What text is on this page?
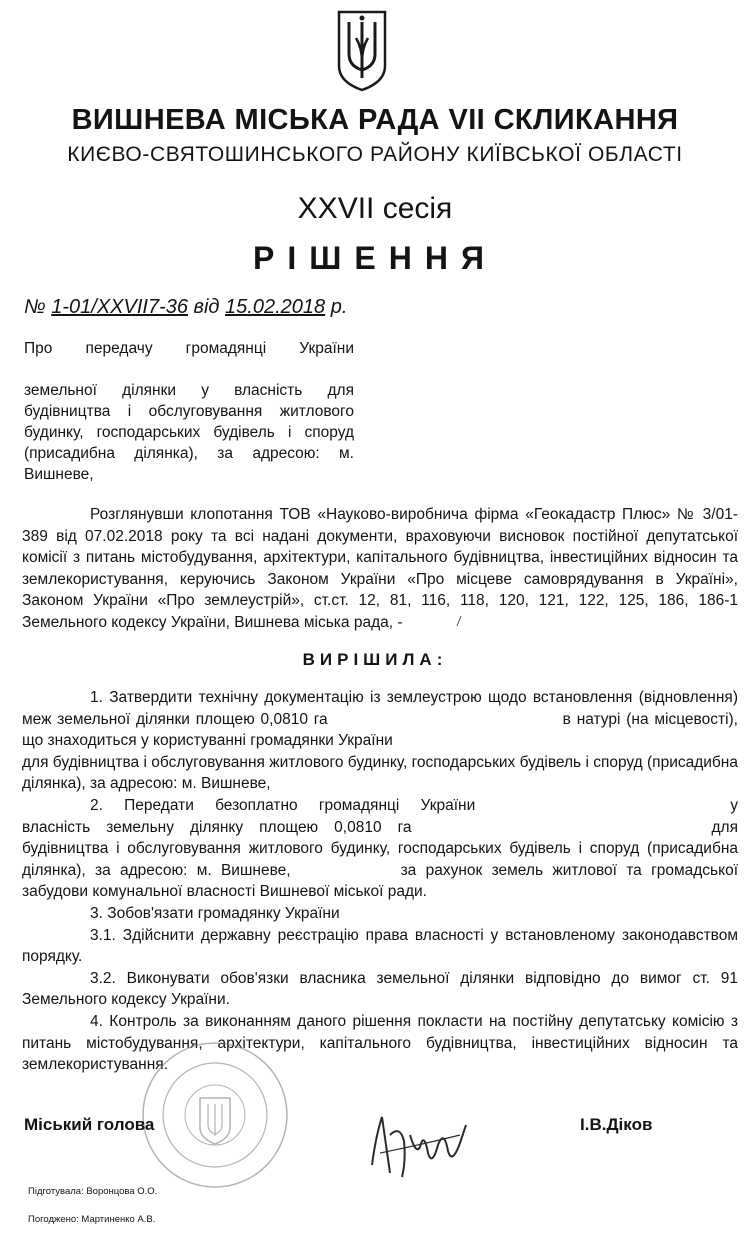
ВИШНЕВА МІСЬКА РАДА VII СКЛИКАННЯ
КИЄВО-СВЯТОШИНСЬКОГО РАЙОНУ КИЇВСЬКОЇ ОБЛАСТІ
XXVII сесія
РІШЕННЯ
№ 1-01/XXVII7-36 від 15.02.2018 р.
Про передачу громадянці України
земельної ділянки у власність для будівництва і обслуговування житлового будинку, господарських будівель і споруд (присадибна ділянка), за адресою: м. Вишневе,

Розглянувши клопотання ТОВ «Науково-виробнича фірма «Геокадастр Плюс» № 3/01-389 від 07.02.2018 року та всі надані документи, враховуючи висновок постійної депутатської комісії з питань містобудування, архітектури, капітального будівництва, інвестиційних відносин та землекористування, керуючись Законом України «Про місцеве самоврядування в Україні», Законом України «Про землеустрій», ст.ст. 12, 81, 116, 118, 120, 121, 122, 125, 186, 186-1 Земельного кодексу України, Вишнева міська рада, -

ВИРІШИЛА:

1. Затвердити технічну документацію із землеустрою щодо встановлення (відновлення) меж земельної ділянки площею 0,0810 га	в натурі (на місцевості), що знаходиться у користуванні громадянки України
для будівництва і обслуговування житлового будинку, господарських будівель і споруд (присадибна ділянка), за адресою: м. Вишневе,

2. Передати безоплатно громадянці України	у власність земельну ділянку площею 0,0810 га	для будівництва і обслуговування житлового будинку, господарських будівель і споруд (присадибна ділянка), за адресою: м. Вишневе,	за рахунок земель житлової та громадської забудови комунальної власності Вишневої міської ради.

3. Зобов'язати громадянку України

3.1. Здійснити державну реєстрацію права власності у встановленому законодавством порядку.

3.2. Виконувати обов'язки власника земельної ділянки відповідно до вимог ст. 91 Земельного кодексу України.

4. Контроль за виконанням даного рішення покласти на постійну депутатську комісію з питань містобудування, архітектури, капітального будівництва, інвестиційних відносин та землекористування.

Міський голова	І.В.Діков
Підготувала: Воронцова О.О.
Погоджено: Мартиненко А.В.
